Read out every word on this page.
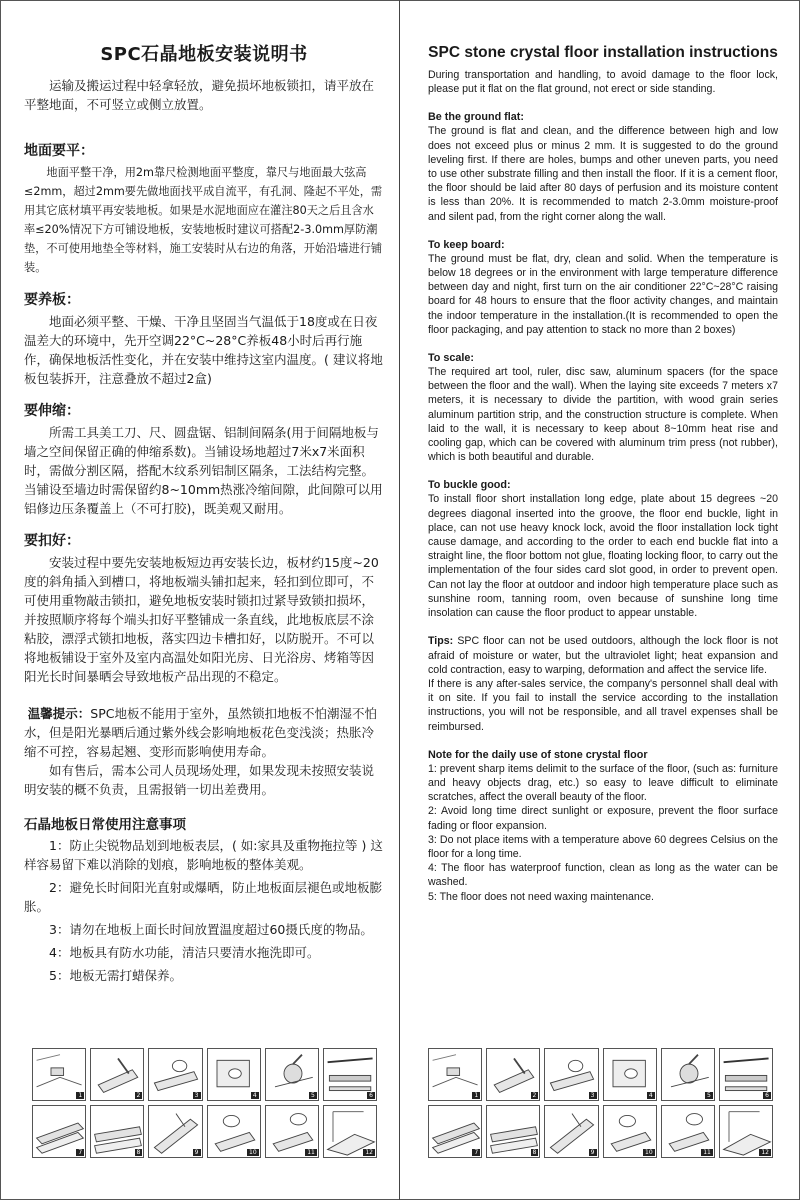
SPC石晶地板安装说明书

运输及搬运过程中轻拿轻放，避免损坏地板锁扣，请平放在平整地面，不可竖立或侧立放置。

地面要平：

地面平整干净，用2m靠尺检测地面平整度，靠尺与地面最大弦高≤2mm，超过2mm要先做地面找平成自流平，有孔洞、隆起不平处，需用其它底材填平再安装地板。如果是水泥地面应在灌注80天之后且含水率≤20%情况下方可铺设地板，安装地板时建议可搭配2-3.0mm厚防潮垫，不可使用地垫全等材料，施工安装时从右边的角落，开始沿墙进行铺装。

要养板：

地面必须平整、干燥、干净且坚固当气温低于18度或在日夜温差大的环境中，先开空调22°C~28°C养板48小时后再行施作，确保地板活性变化，并在安装中维持这室内温度。( 建议将地板包装拆开，注意叠放不超过2盒)

要伸缩：

所需工具美工刀、尺、圆盘锯、铝制间隔条(用于间隔地板与墙之空间保留正确的伸缩系数)。当铺设场地超过7米x7米面积时，需做分割区隔，搭配木纹系列铝制区隔条，工法结构完整。当铺设至墙边时需保留约8~10mm热涨冷缩间隙，此间隙可以用铝修边压条覆盖上（不可打胶)，既美观又耐用。

要扣好：

安装过程中要先安装地板短边再安装长边，板材约15度~20度的斜角插入到槽口，将地板端头铺扣起来，轻扣到位即可，不可使用重物敲击锁扣，避免地板安装时锁扣过紧导致锁扣损坏，并按照顺序将每个端头扣好平整铺成一条直线，此地板底层不涂粘胶，漂浮式锁扣地板，落实四边卡槽扣好，以防脱开。不可以将地板铺设于室外及室内高温处如阳光房、日光浴房、烤箱等因阳光长时间暴晒会导致地板产品出现的不稳定。

温馨提示：SPC地板不能用于室外，虽然锁扣地板不怕潮湿不怕水，但是阳光暴晒后通过紫外线会影响地板花色变浅淡；热胀冷缩不可控，容易起翘、变形而影响使用寿命。

如有售后，需本公司人员现场处理，如果发现未按照安装说明安装的概不负责，且需报销一切出差费用。

石晶地板日常使用注意事项

1：防止尖锐物品划到地板表层，( 如:家具及重物拖拉等 ) 这样容易留下难以消除的划痕，影响地板的整体美观。

2：避免长时间阳光直射或爆晒，防止地板面层褪色或地板膨胀。

3：请勿在地板上面长时间放置温度超过60摄氏度的物品。

4：地板具有防水功能，清洁只要清水拖洗即可。

5：地板无需打蜡保养。

SPC stone crystal floor installation instructions

During transportation and handling, to avoid damage to the floor lock, please put it flat on the flat ground, not erect or side standing.

Be the ground flat:

The ground is flat and clean, and the difference between high and low does not exceed plus or minus 2 mm. It is suggested to do the ground leveling first. If there are holes, bumps and other uneven parts, you need to use other substrate filling and then install the floor. If it is a cement floor, the floor should be laid after 80 days of perfusion and its moisture content is less than 20%. It is recommended to match 2-3.0mm moisture-proof and silent pad, from the right corner along the wall.

To keep board:

The ground must be flat, dry, clean and solid. When the temperature is below 18 degrees or in the environment with large temperature difference between day and night, first turn on the air conditioner 22°C~28°C raising board for 48 hours to ensure that the floor activity changes, and maintain the indoor temperature in the installation.(It is recommended to open the floor packaging, and pay attention to stack no more than 2 boxes)

To scale:

The required art tool, ruler, disc saw, aluminum spacers (for the space between the floor and the wall). When the laying site exceeds 7 meters x7 meters, it is necessary to divide the partition, with wood grain series aluminum partition strip, and the construction structure is complete. When laid to the wall, it is necessary to keep about 8~10mm heat rise and cooling gap, which can be covered with aluminum trim press (not rubber), which is both beautiful and durable.

To buckle good:

To install floor short installation long edge, plate about 15 degrees ~20 degrees diagonal inserted into the groove, the floor end buckle, light in place, can not use heavy knock lock, avoid the floor installation lock tight cause damage, and according to the order to each end buckle flat into a straight line, the floor bottom not glue, floating locking floor, to carry out the implementation of the four sides card slot good, in order to prevent open. Can not lay the floor at outdoor and indoor high temperature place such as sunshine room, tanning room, oven because of sunshine long time insolation can cause the floor product to appear unstable.

Tips: SPC floor can not be used outdoors, although the lock floor is not afraid of moisture or water, but the ultraviolet light; heat expansion and cold contraction, easy to warping, deformation and affect the service life.

If there is any after-sales service, the company's personnel shall deal with it on site. If you fail to install the service according to the installation instructions, you will not be responsible, and all travel expenses shall be reimbursed.

Note for the daily use of stone crystal floor

1: prevent sharp items delimit to the surface of the floor, (such as: furniture and heavy objects drag, etc.) so easy to leave difficult to eliminate scratches, affect the overall beauty of the floor.

2: Avoid long time direct sunlight or exposure, prevent the floor surface fading or floor expansion.

3: Do not place items with a temperature above 60 degrees Celsius on the floor for a long time.

4: The floor has waterproof function, clean as long as the water can be washed.

5: The floor does not need waxing maintenance.

1	2	3	4	5	6
7	8	9	10	11	12
1	2	3	4	5	6
7	8	9	10	11	12
